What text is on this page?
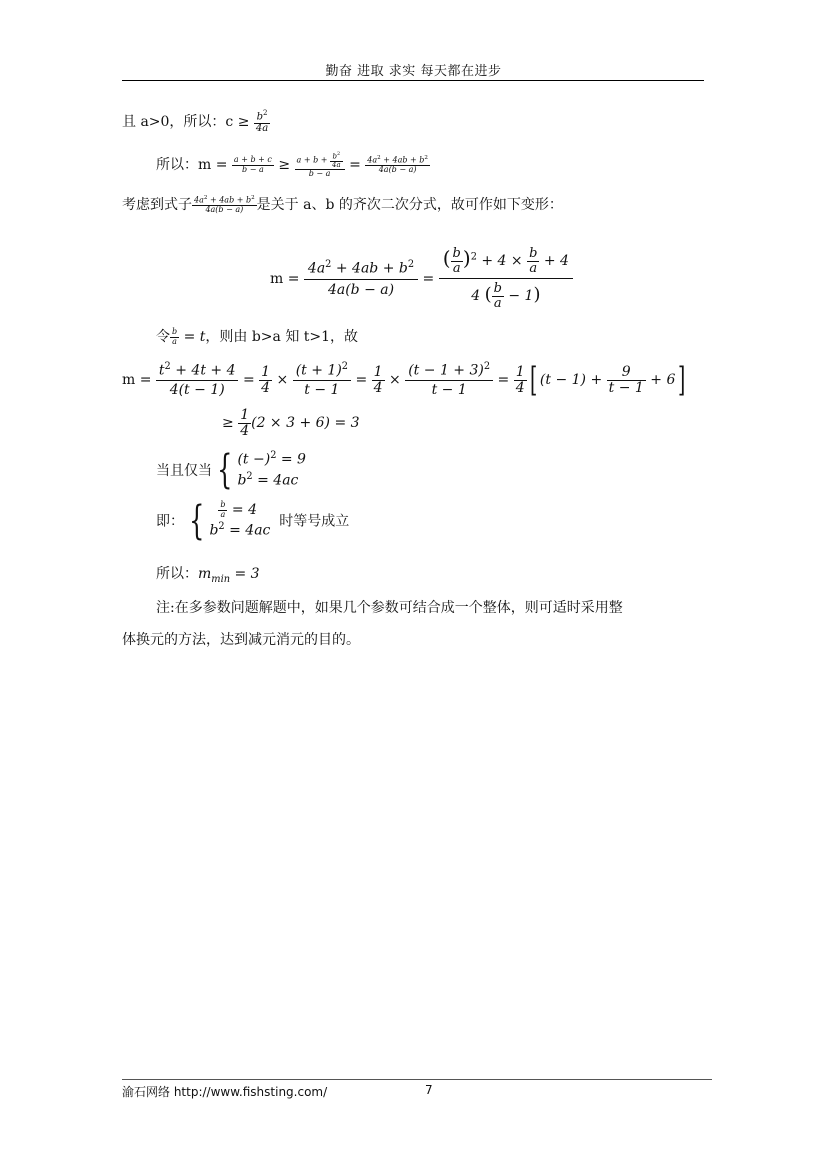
勤奋 进取 求实 每天都在进步
且 a>0，所以：$c \ge \frac{b^2}{4a}$
所以：$m = \frac{a + b + c}{b - a} \ge \frac{a + b + \frac{b^2}{4a}}{b - a} = \frac{4a^2 + 4ab + b^2}{4a(b - a)}$
考虑到式子 $\frac{4a^2 + 4ab + b^2}{4a(b - a)}$ 是关于 a、b 的齐次二次分式，故可作如下变形：
$m = \frac{4a^2 + 4ab + b^2}{4a(b - a)} = \frac{( \frac{b}{a} )^2 + 4 \times \frac{b}{a} + 4}{4 ( \frac{b}{a} - 1)}$
令 $\frac{b}{a} = t$，则由 b>a 知 t>1，故
$m = \frac{t^2 + 4t + 4}{4(t - 1)} = \frac{1}{4} \times \frac{(t + 1)^2}{t - 1} = \frac{1}{4} \times \frac{(t - 1 + 3)^2}{t - 1} = \frac{1}{4}$ [ $(t - 1) + \frac{9}{t - 1} + 6$]
≥ $\frac{1}{4} (2 \times 3 + 6) = 3$
当且仅当 { $(t -)^2 = 9$
$b^2 = 4ac$
即： {
$\frac{b}{a} = 4$
$b^2 = 4ac$
时等号成立
所以：$m_{min} = 3$
注:在多参数问题解题中，如果几个参数可结合成一个整体，则可适时采用整
体换元的方法，达到减元消元的目的。
渝石网络 http://www.fishsting.com/	7
